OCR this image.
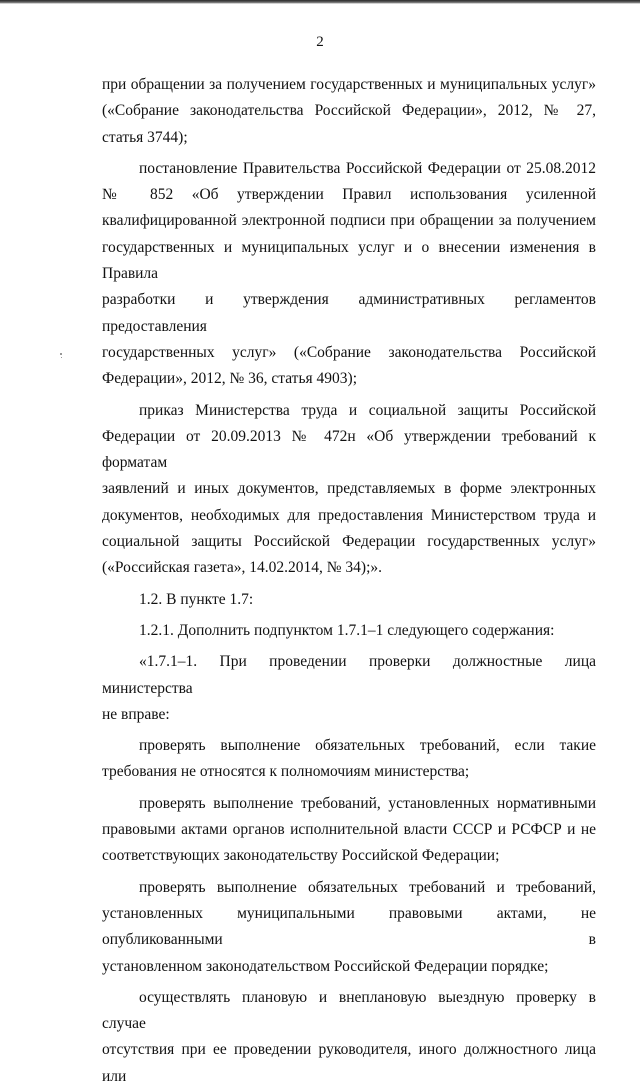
2

при обращении за получением государственных и муниципальных услуг»
(«Собрание законодательства Российской Федерации», 2012, № 27,
статья 3744);

постановление Правительства Российской Федерации от 25.08.2012
№ 852 «Об утверждении Правил использования усиленной
квалифицированной электронной подписи при обращении за получением
государственных и муниципальных услуг и о внесении изменения в Правила
разработки и утверждения административных регламентов предоставления
государственных услуг» («Собрание законодательства Российской
Федерации», 2012, № 36, статья 4903);

приказ Министерства труда и социальной защиты Российской
Федерации от 20.09.2013 № 472н «Об утверждении требований к форматам
заявлений и иных документов, представляемых в форме электронных
документов, необходимых для предоставления Министерством труда и
социальной защиты Российской Федерации государственных услуг»
(«Российская газета», 14.02.2014, № 34);».

1.2. В пункте 1.7:

1.2.1. Дополнить подпунктом 1.7.1–1 следующего содержания:

«1.7.1–1. При проведении проверки должностные лица министерства
не вправе:

проверять выполнение обязательных требований, если такие
требования не относятся к полномочиям министерства;

проверять выполнение требований, установленных нормативными
правовыми актами органов исполнительной власти СССР и РСФСР и не
соответствующих законодательству Российской Федерации;

проверять выполнение обязательных требований и требований,
установленных муниципальными правовыми актами, не опубликованными в
установленном законодательством Российской Федерации порядке;

осуществлять плановую и внеплановую выездную проверку в случае
отсутствия при ее проведении руководителя, иного должностного лица или
